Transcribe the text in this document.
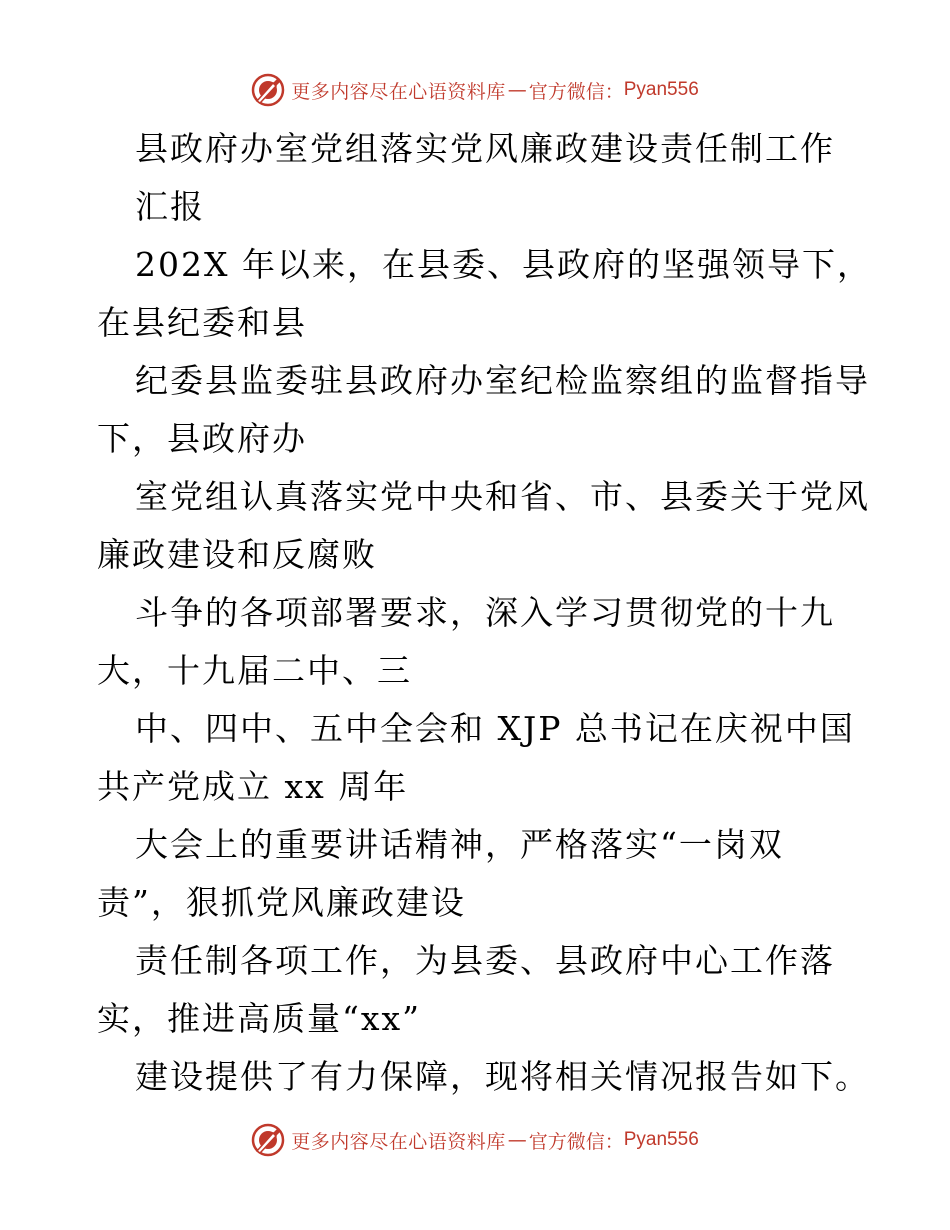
更多内容尽在心语资料库 — 官方微信： Pyan556
县政府办室党组落实党风廉政建设责任制工作
汇报
202X 年以来，在县委、县政府的坚强领导下，
在县纪委和县
纪委县监委驻县政府办室纪检监察组的监督指导
下，县政府办
室党组认真落实党中央和省、市、县委关于党风
廉政建设和反腐败
斗争的各项部署要求，深入学习贯彻党的十九
大，十九届二中、三
中、四中、五中全会和 XJP 总书记在庆祝中国
共产党成立 xx 周年
大会上的重要讲话精神，严格落实“一岗双
责”，狠抓党风廉政建设
责任制各项工作，为县委、县政府中心工作落
实，推进高质量“xx”
建设提供了有力保障，现将相关情况报告如下。
更多内容尽在心语资料库 — 官方微信： Pyan556
